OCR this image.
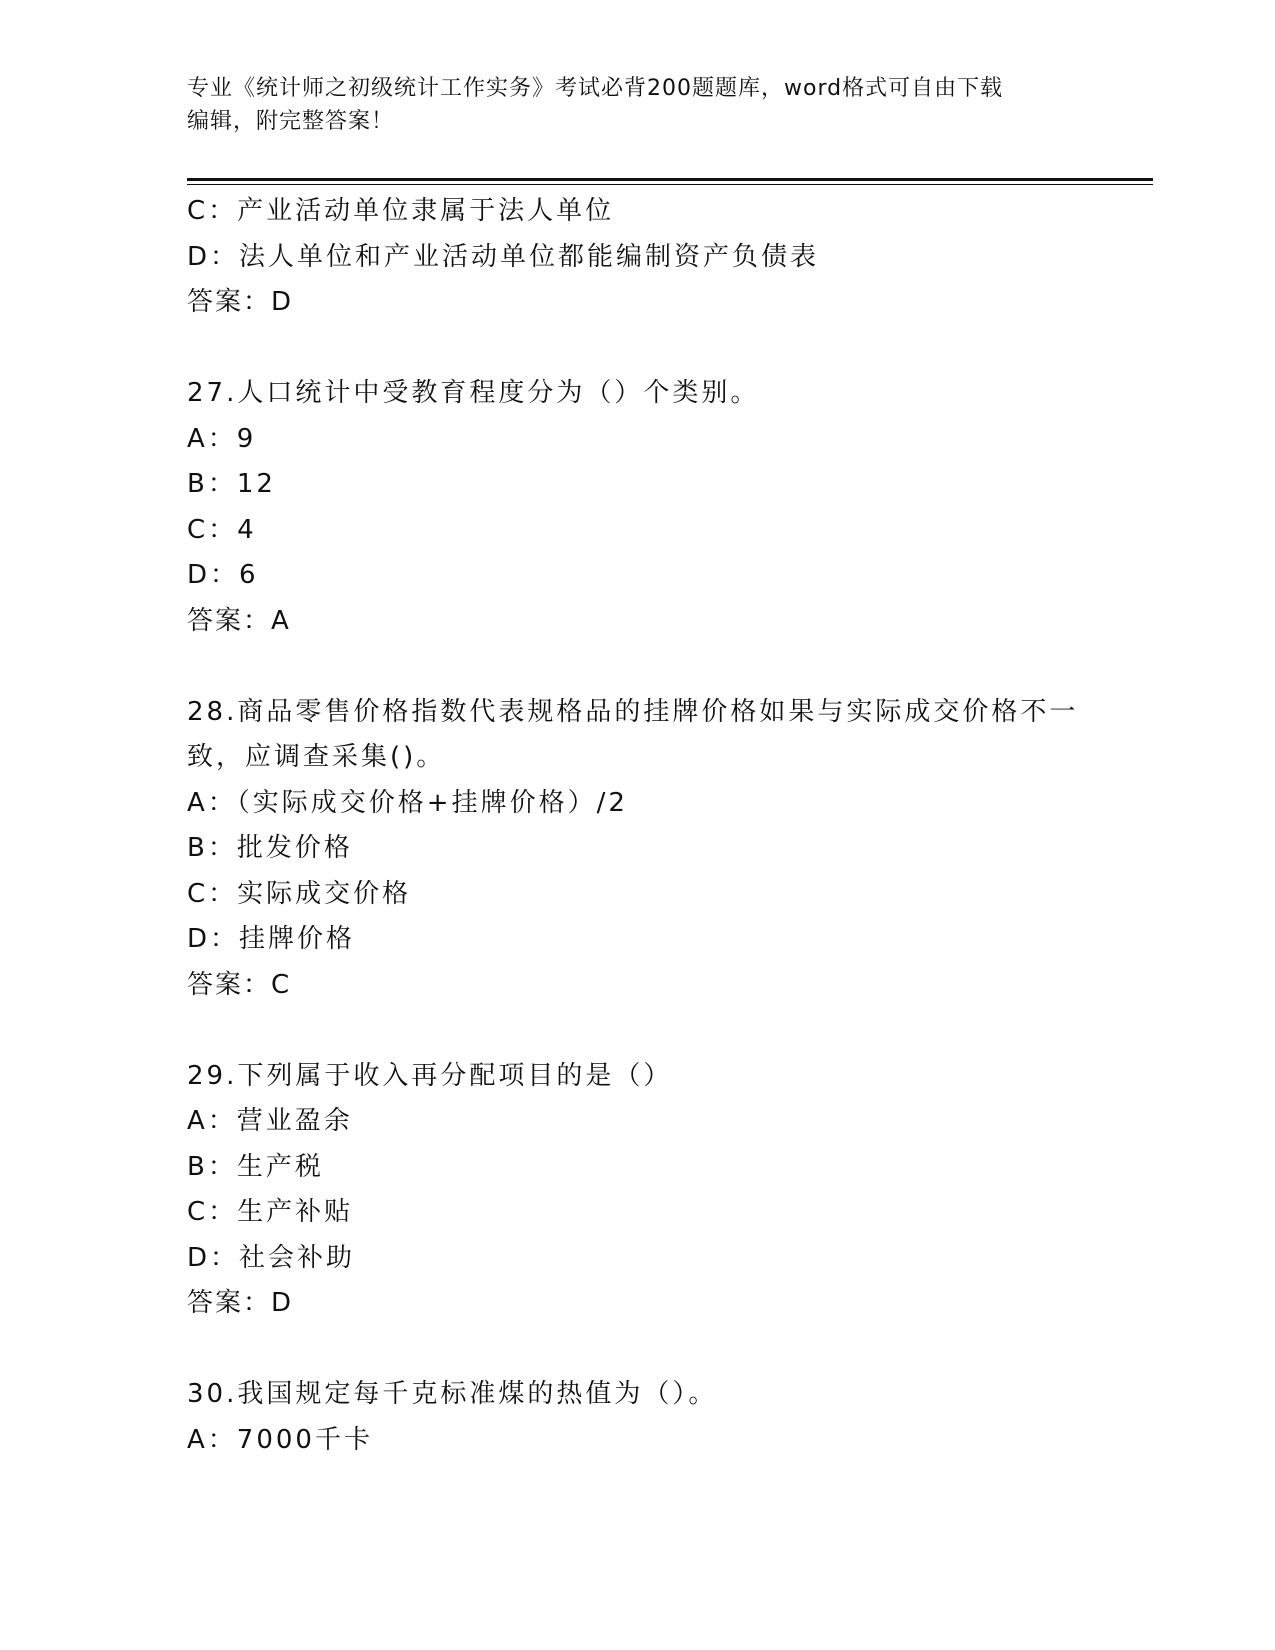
专业《统计师之初级统计工作实务》考试必背200题题库，word格式可自由下载
编辑，附完整答案！
C：产业活动单位隶属于法人单位
D：法人单位和产业活动单位都能编制资产负债表
答案：D
27.人口统计中受教育程度分为（）个类别。
A：9
B：12
C：4
D：6
答案：A
28.商品零售价格指数代表规格品的挂牌价格如果与实际成交价格不一
致，应调查采集()。
A：（实际成交价格+挂牌价格）/2
B：批发价格
C：实际成交价格
D：挂牌价格
答案：C
29.下列属于收入再分配项目的是（）
A：营业盈余
B：生产税
C：生产补贴
D：社会补助
答案：D
30.我国规定每千克标准煤的热值为（）。
A：7000千卡
